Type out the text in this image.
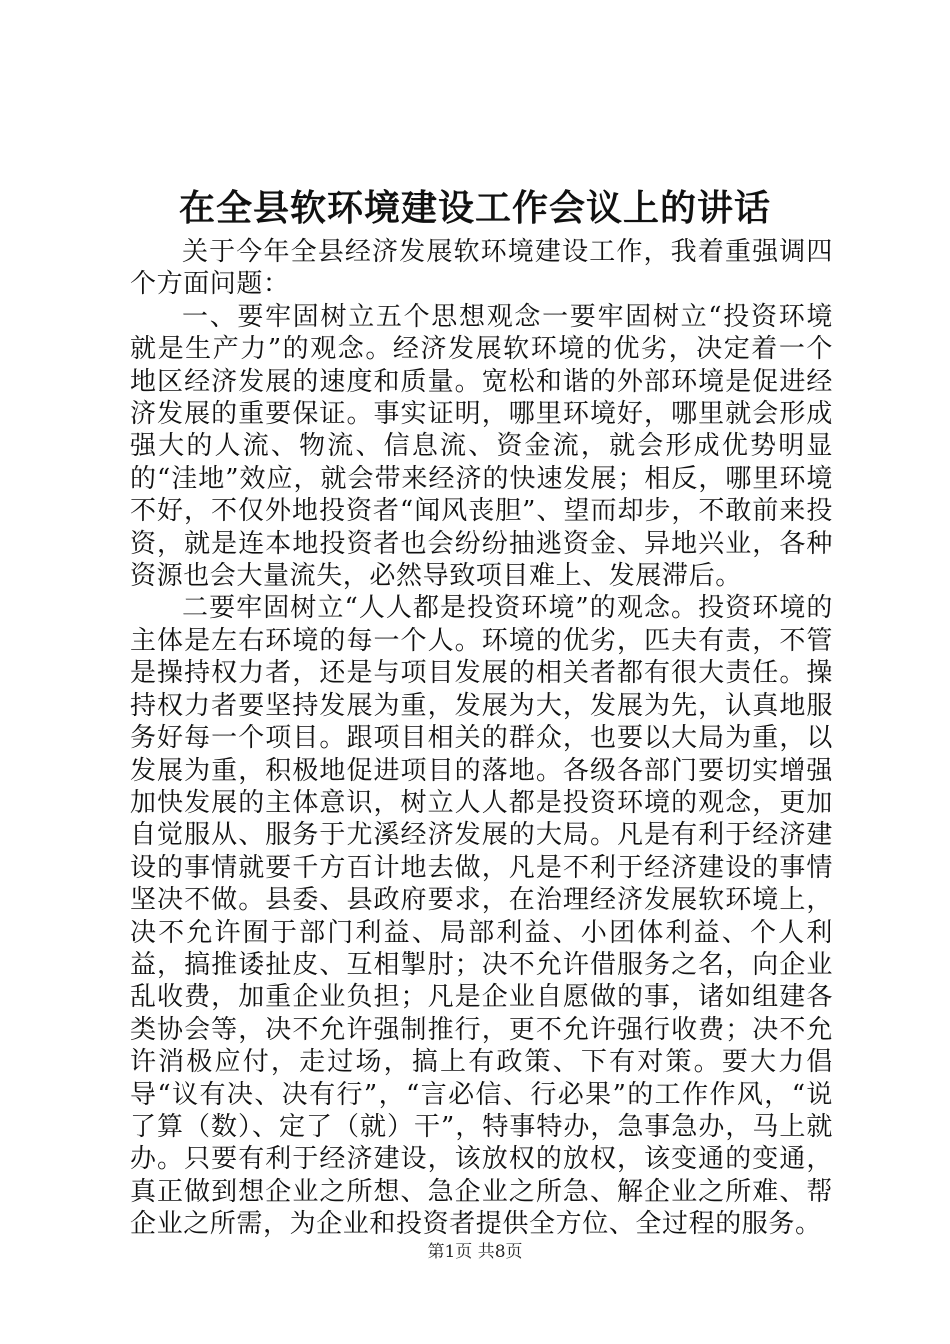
在全县软环境建设工作会议上的讲话

关于今年全县经济发展软环境建设工作，我着重强调四个方面问题：

一、要牢固树立五个思想观念一要牢固树立“投资环境就是生产力”的观念。经济发展软环境的优劣，决定着一个地区经济发展的速度和质量。宽松和谐的外部环境是促进经济发展的重要保证。事实证明，哪里环境好，哪里就会形成强大的人流、物流、信息流、资金流，就会形成优势明显的“洼地”效应，就会带来经济的快速发展；相反，哪里环境不好，不仅外地投资者“闻风丧胆”、望而却步，不敢前来投资，就是连本地投资者也会纷纷抽逃资金、异地兴业，各种资源也会大量流失，必然导致项目难上、发展滞后。

二要牢固树立“人人都是投资环境”的观念。投资环境的主体是左右环境的每一个人。环境的优劣，匹夫有责，不管是操持权力者，还是与项目发展的相关者都有很大责任。操持权力者要坚持发展为重，发展为大，发展为先，认真地服务好每一个项目。跟项目相关的群众，也要以大局为重，以发展为重，积极地促进项目的落地。各级各部门要切实增强加快发展的主体意识，树立人人都是投资环境的观念，更加自觉服从、服务于尤溪经济发展的大局。凡是有利于经济建设的事情就要千方百计地去做，凡是不利于经济建设的事情坚决不做。县委、县政府要求，在治理经济发展软环境上，决不允许囿于部门利益、局部利益、小团体利益、个人利益，搞推诿扯皮、互相掣肘；决不允许借服务之名，向企业乱收费，加重企业负担；凡是企业自愿做的事，诸如组建各类协会等，决不允许强制推行，更不允许强行收费；决不允许消极应付，走过场，搞上有政策、下有对策。要大力倡导“议有决、决有行”，“言必信、行必果”的工作作风，“说了算（数）、定了（就）干”，特事特办，急事急办，马上就办。只要有利于经济建设，该放权的放权，该变通的变通，真正做到想企业之所想、急企业之所急、解企业之所难、帮企业之所需，为企业和投资者提供全方位、全过程的服务。

第1页 共8页
